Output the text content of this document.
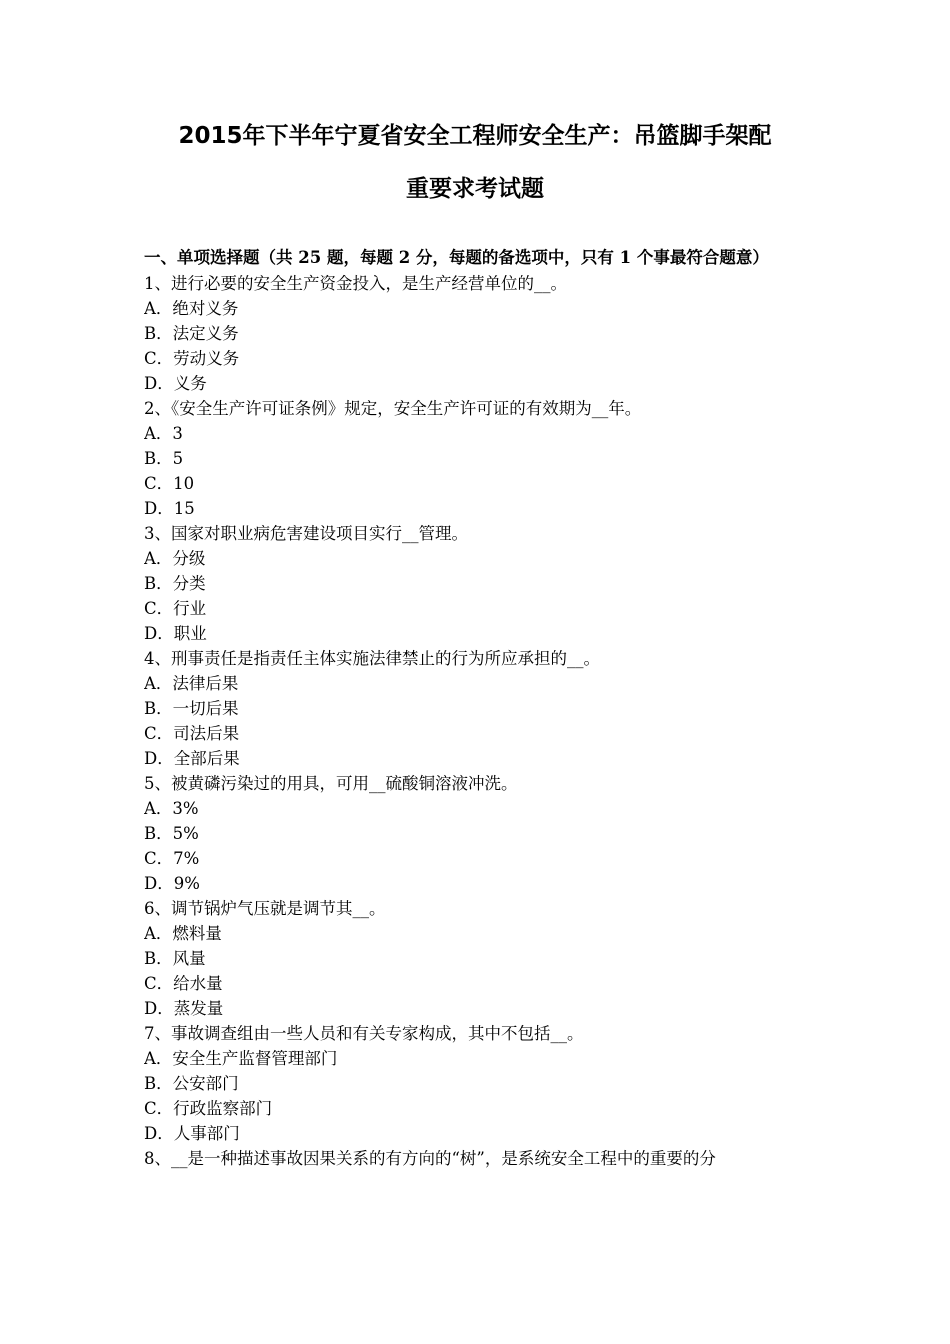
2015年下半年宁夏省安全工程师安全生产：吊篮脚手架配
重要求考试题
一、单项选择题（共 25 题，每题 2 分，每题的备选项中，只有 1 个事最符合题意）
1、进行必要的安全生产资金投入，是生产经营单位的__。
A．绝对义务
B．法定义务
C．劳动义务
D．义务
2、《安全生产许可证条例》规定，安全生产许可证的有效期为__年。
A．3
B．5
C．10
D．15
3、国家对职业病危害建设项目实行__管理。
A．分级
B．分类
C．行业
D．职业
4、刑事责任是指责任主体实施法律禁止的行为所应承担的__。
A．法律后果
B．一切后果
C．司法后果
D．全部后果
5、被黄磷污染过的用具，可用__硫酸铜溶液冲洗。
A．3%
B．5%
C．7%
D．9%
6、调节锅炉气压就是调节其__。
A．燃料量
B．风量
C．给水量
D．蒸发量
7、事故调查组由一些人员和有关专家构成，其中不包括__。
A．安全生产监督管理部门
B．公安部门
C．行政监察部门
D．人事部门
8、__是一种描述事故因果关系的有方向的“树”，是系统安全工程中的重要的分
